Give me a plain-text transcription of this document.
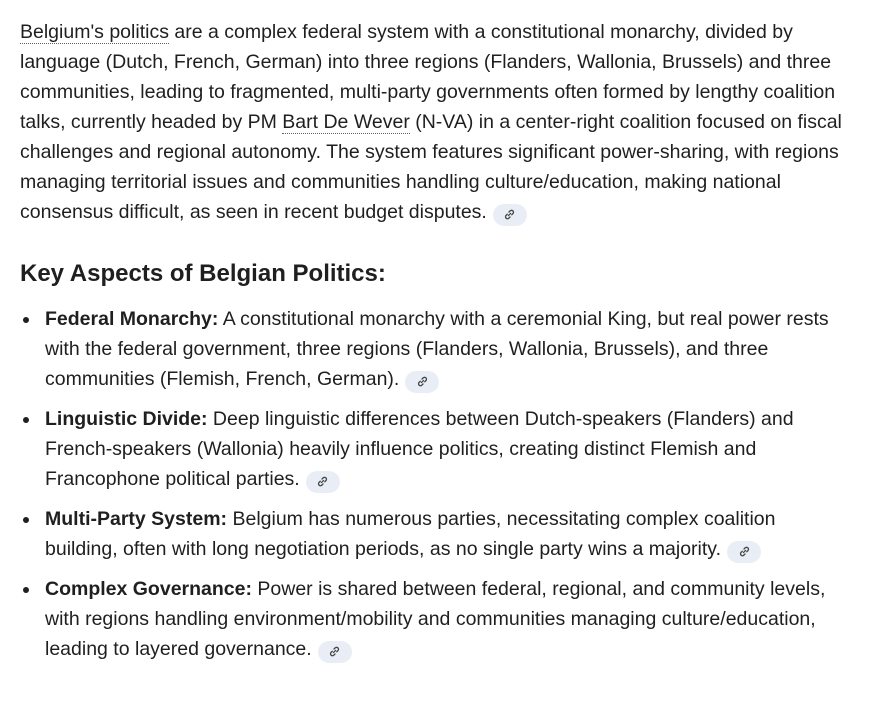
Belgium's politics are a complex federal system with a constitutional monarchy, divided by language (Dutch, French, German) into three regions (Flanders, Wallonia, Brussels) and three communities, leading to fragmented, multi-party governments often formed by lengthy coalition talks, currently headed by PM Bart De Wever (N-VA) in a center-right coalition focused on fiscal challenges and regional autonomy. The system features significant power-sharing, with regions managing territorial issues and communities handling culture/education, making national consensus difficult, as seen in recent budget disputes.

Key Aspects of Belgian Politics:
Federal Monarchy: A constitutional monarchy with a ceremonial King, but real power rests with the federal government, three regions (Flanders, Wallonia, Brussels), and three communities (Flemish, French, German).
Linguistic Divide: Deep linguistic differences between Dutch-speakers (Flanders) and French-speakers (Wallonia) heavily influence politics, creating distinct Flemish and Francophone political parties.
Multi-Party System: Belgium has numerous parties, necessitating complex coalition building, often with long negotiation periods, as no single party wins a majority.
Complex Governance: Power is shared between federal, regional, and community levels, with regions handling environment/mobility and communities managing culture/education, leading to layered governance.
